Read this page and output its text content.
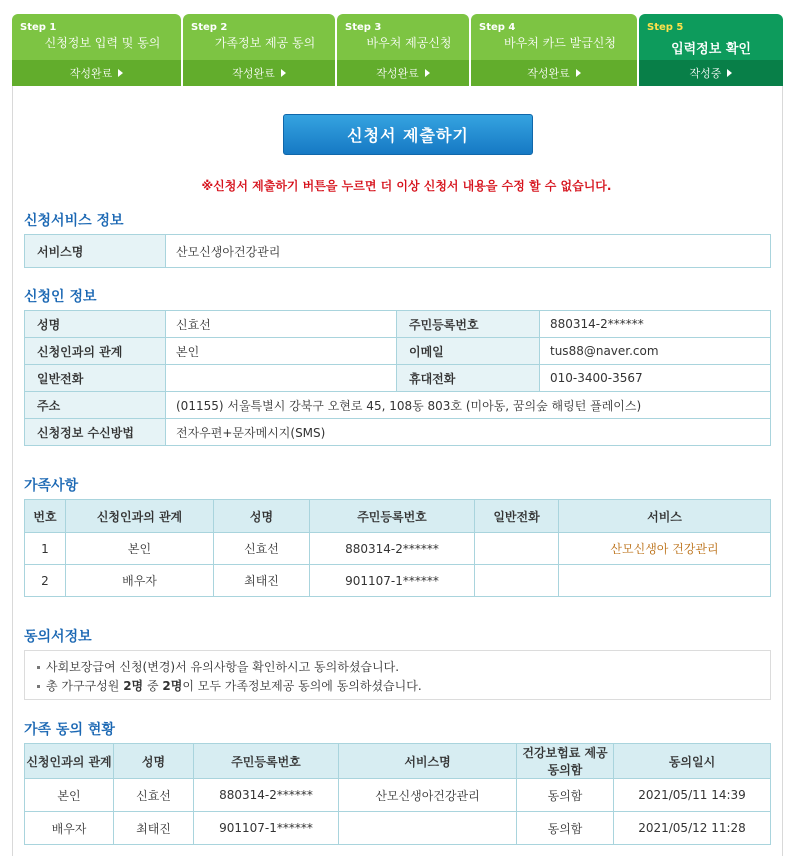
Step 1
신청정보 입력 및 동의
작성완료
Step 2
가족정보 제공 동의
작성완료
Step 3
바우처 제공신청
작성완료
Step 4
바우처 카드 발급신청
작성완료
Step 5
입력정보 확인
작성중
신청서 제출하기
※신청서 제출하기 버튼을 누르면 더 이상 신청서 내용을 수정 할 수 없습니다.
신청서비스 정보
서비스명	산모신생아건강관리
신청인 정보
성명	신효선	주민등록번호	880314-2******
신청인과의 관계	본인	이메일	tus88@naver.com
일반전화		휴대전화	010-3400-3567
주소	(01155) 서울특별시 강북구 오현로 45, 108동 803호 (미아동, 꿈의숲 해링턴 플레이스)		
신청정보 수신방법	전자우편+문자메시지(SMS)		
가족사항
번호	신청인과의 관계	성명	주민등록번호	일반전화	서비스
1	본인	신효선	880314-2******		산모신생아 건강관리
2	배우자	최태진	901107-1******		
동의서정보
사회보장급여 신청(변경)서 유의사항을 확인하시고 동의하셨습니다.
총 가구구성원 2명 중 2명이 모두 가족정보제공 동의에 동의하셨습니다.
가족 동의 현황
신청인과의 관계	성명	주민등록번호	서비스명	건강보험료 제공 동의함	동의일시
본인	신효선	880314-2******	산모신생아건강관리	동의함	2021/05/11 14:39
배우자	최태진	901107-1******		동의함	2021/05/12 11:28
